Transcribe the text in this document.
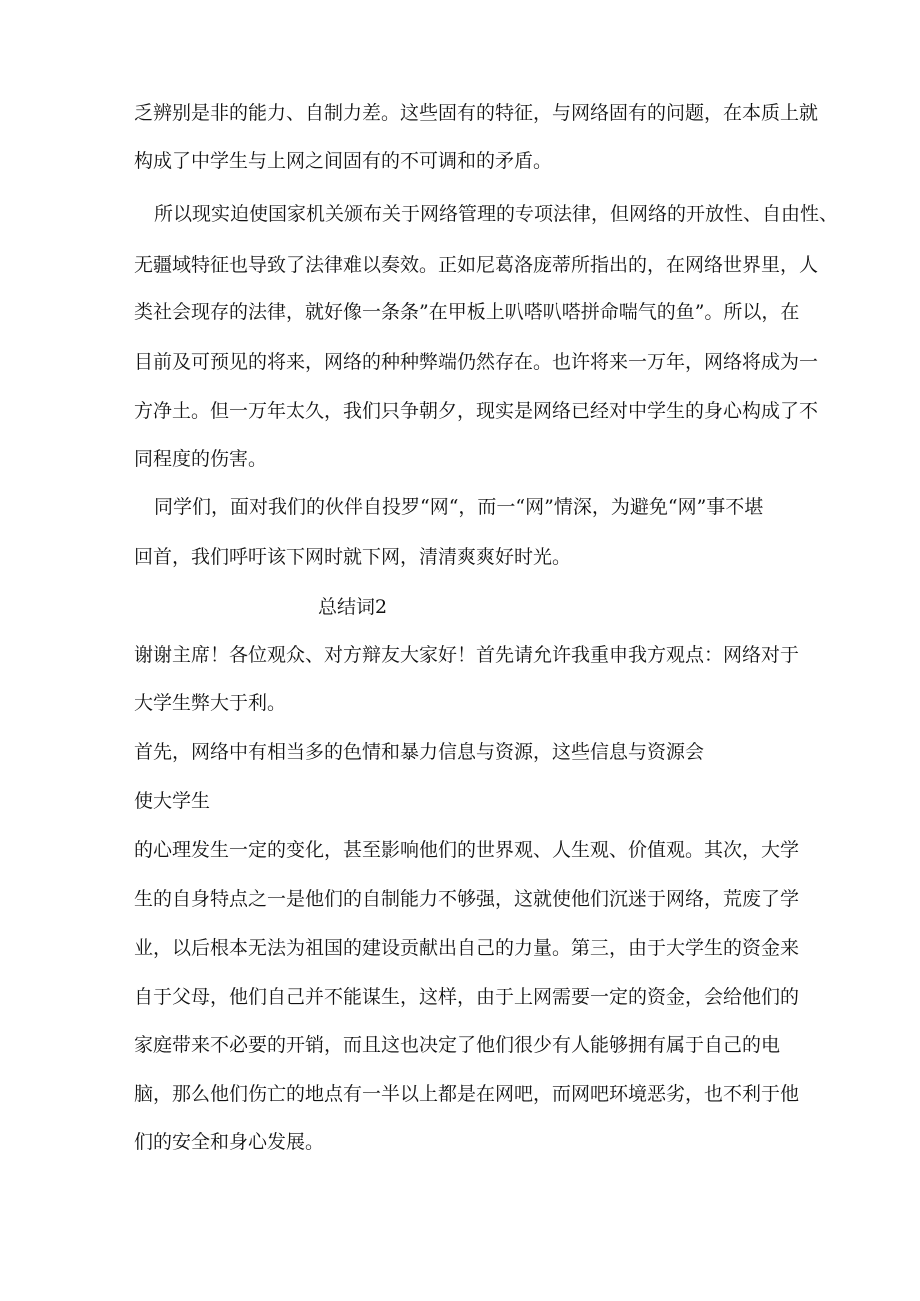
乏辨别是非的能力、自制力差。这些固有的特征，与网络固有的问题，在本质上就
构成了中学生与上网之间固有的不可调和的矛盾。
所以现实迫使国家机关颁布关于网络管理的专项法律，但网络的开放性、自由性、
无疆域特征也导致了法律难以奏效。正如尼葛洛庞蒂所指出的，在网络世界里，人
类社会现存的法律，就好像一条条”在甲板上叭嗒叭嗒拼命喘气的鱼”。所以，在
目前及可预见的将来，网络的种种弊端仍然存在。也许将来一万年，网络将成为一
方净土。但一万年太久，我们只争朝夕，现实是网络已经对中学生的身心构成了不
同程度的伤害。
同学们，面对我们的伙伴自投罗“网“，而一“网”情深，为避免“网”事不堪
回首，我们呼吁该下网时就下网，清清爽爽好时光。
总结词2
谢谢主席！各位观众、对方辩友大家好！首先请允许我重申我方观点：网络对于
大学生弊大于利。
首先，网络中有相当多的色情和暴力信息与资源，这些信息与资源会
使大学生
的心理发生一定的变化，甚至影响他们的世界观、人生观、价值观。其次，大学
生的自身特点之一是他们的自制能力不够强，这就使他们沉迷于网络，荒废了学
业，以后根本无法为祖国的建设贡献出自己的力量。第三，由于大学生的资金来
自于父母，他们自己并不能谋生，这样，由于上网需要一定的资金，会给他们的
家庭带来不必要的开销，而且这也决定了他们很少有人能够拥有属于自己的电
脑，那么他们伤亡的地点有一半以上都是在网吧，而网吧环境恶劣，也不利于他
们的安全和身心发展。
